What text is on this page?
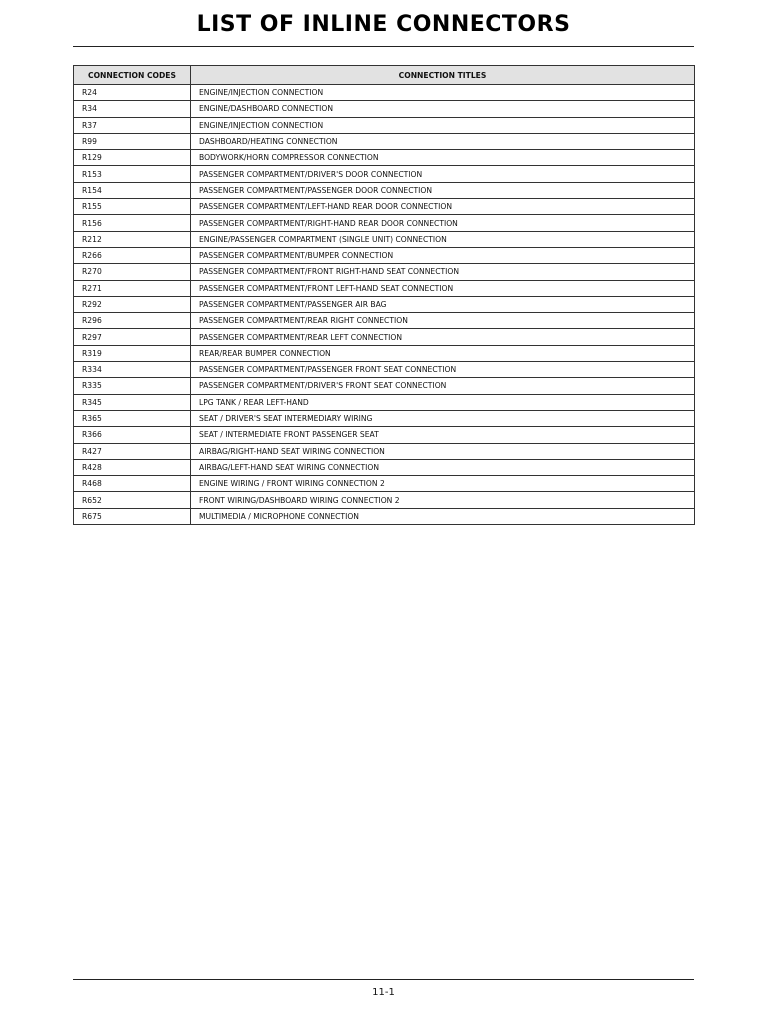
LIST OF INLINE CONNECTORS
CONNECTION CODES	CONNECTION TITLES
R24	ENGINE/INJECTION CONNECTION
R34	ENGINE/DASHBOARD CONNECTION
R37	ENGINE/INJECTION CONNECTION
R99	DASHBOARD/HEATING CONNECTION
R129	BODYWORK/HORN COMPRESSOR CONNECTION
R153	PASSENGER COMPARTMENT/DRIVER'S DOOR CONNECTION
R154	PASSENGER COMPARTMENT/PASSENGER DOOR CONNECTION
R155	PASSENGER COMPARTMENT/LEFT-HAND REAR DOOR CONNECTION
R156	PASSENGER COMPARTMENT/RIGHT-HAND REAR DOOR CONNECTION
R212	ENGINE/PASSENGER COMPARTMENT (SINGLE UNIT) CONNECTION
R266	PASSENGER COMPARTMENT/BUMPER CONNECTION
R270	PASSENGER COMPARTMENT/FRONT RIGHT-HAND SEAT CONNECTION
R271	PASSENGER COMPARTMENT/FRONT LEFT-HAND SEAT CONNECTION
R292	PASSENGER COMPARTMENT/PASSENGER AIR BAG
R296	PASSENGER COMPARTMENT/REAR RIGHT CONNECTION
R297	PASSENGER COMPARTMENT/REAR LEFT CONNECTION
R319	REAR/REAR BUMPER CONNECTION
R334	PASSENGER COMPARTMENT/PASSENGER FRONT SEAT CONNECTION
R335	PASSENGER COMPARTMENT/DRIVER'S FRONT SEAT CONNECTION
R345	LPG TANK / REAR LEFT-HAND
R365	SEAT / DRIVER'S SEAT INTERMEDIARY WIRING
R366	SEAT / INTERMEDIATE FRONT PASSENGER SEAT
R427	AIRBAG/RIGHT-HAND SEAT WIRING CONNECTION
R428	AIRBAG/LEFT-HAND SEAT WIRING CONNECTION
R468	ENGINE WIRING / FRONT WIRING CONNECTION 2
R652	FRONT WIRING/DASHBOARD WIRING CONNECTION 2
R675	MULTIMEDIA / MICROPHONE CONNECTION
11-1
